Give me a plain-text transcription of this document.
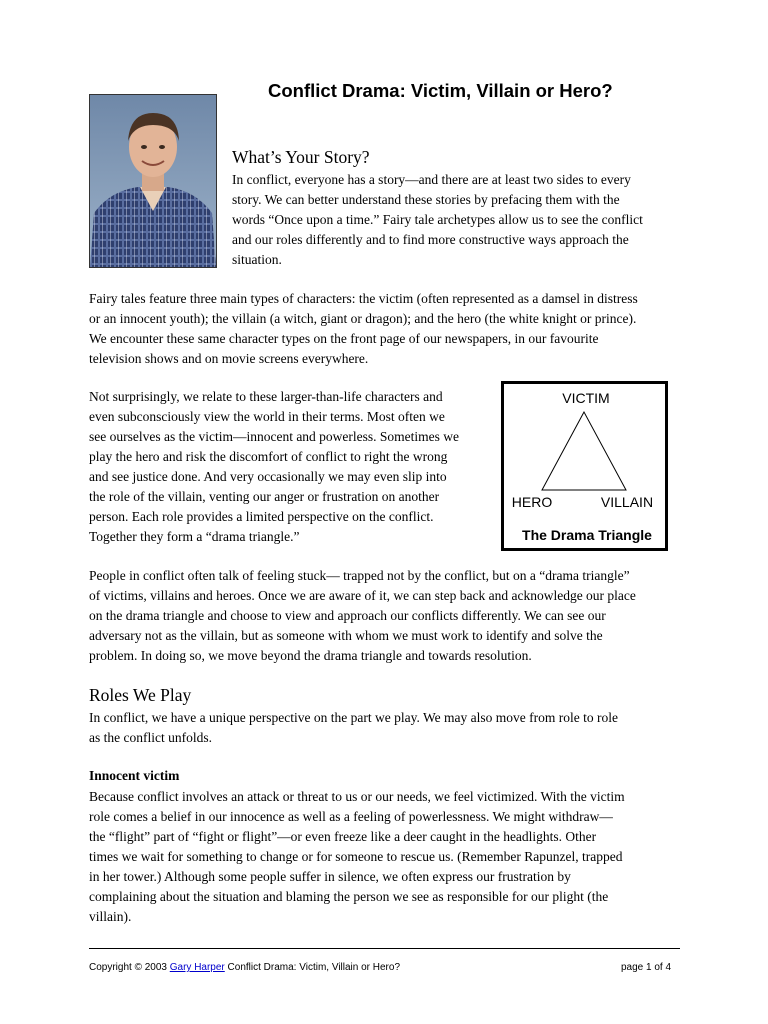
Conflict Drama: Victim, Villain or Hero?
What’s Your Story?

In conflict, everyone has a story—and there are at least two sides to every
story. We can better understand these stories by prefacing them with the
words “Once upon a time.” Fairy tale archetypes allow us to see the conflict
and our roles differently and to find more constructive ways approach the
situation.

Fairy tales feature three main types of characters: the victim (often represented as a damsel in distress
or an innocent youth); the villain (a witch, giant or dragon); and the hero (the white knight or prince).
We encounter these same character types on the front page of our newspapers, in our favourite
television shows and on movie screens everywhere.

Not surprisingly, we relate to these larger-than-life characters and
even subconsciously view the world in their terms. Most often we
see ourselves as the victim—innocent and powerless. Sometimes we
play the hero and risk the discomfort of conflict to right the wrong
and see justice done. And very occasionally we may even slip into
the role of the villain, venting our anger or frustration on another
person. Each role provides a limited perspective on the conflict.
Together they form a “drama triangle.”

VICTIM
HERO	VILLAIN
The Drama Triangle

People in conflict often talk of feeling stuck— trapped not by the conflict, but on a “drama triangle”
of victims, villains and heroes. Once we are aware of it, we can step back and acknowledge our place
on the drama triangle and choose to view and approach our conflicts differently. We can see our
adversary not as the villain, but as someone with whom we must work to identify and solve the
problem. In doing so, we move beyond the drama triangle and towards resolution.

Roles We Play

In conflict, we have a unique perspective on the part we play. We may also move from role to role
as the conflict unfolds.

Innocent victim

Because conflict involves an attack or threat to us or our needs, we feel victimized. With the victim
role comes a belief in our innocence as well as a feeling of powerlessness. We might withdraw—
the “flight” part of “fight or flight”—or even freeze like a deer caught in the headlights. Other
times we wait for something to change or for someone to rescue us. (Remember Rapunzel, trapped
in her tower.) Although some people suffer in silence, we often express our frustration by
complaining about the situation and blaming the person we see as responsible for our plight (the
villain).

Copyright © 2003 Gary Harper Conflict Drama: Victim, Villain or Hero?	page 1 of 4
